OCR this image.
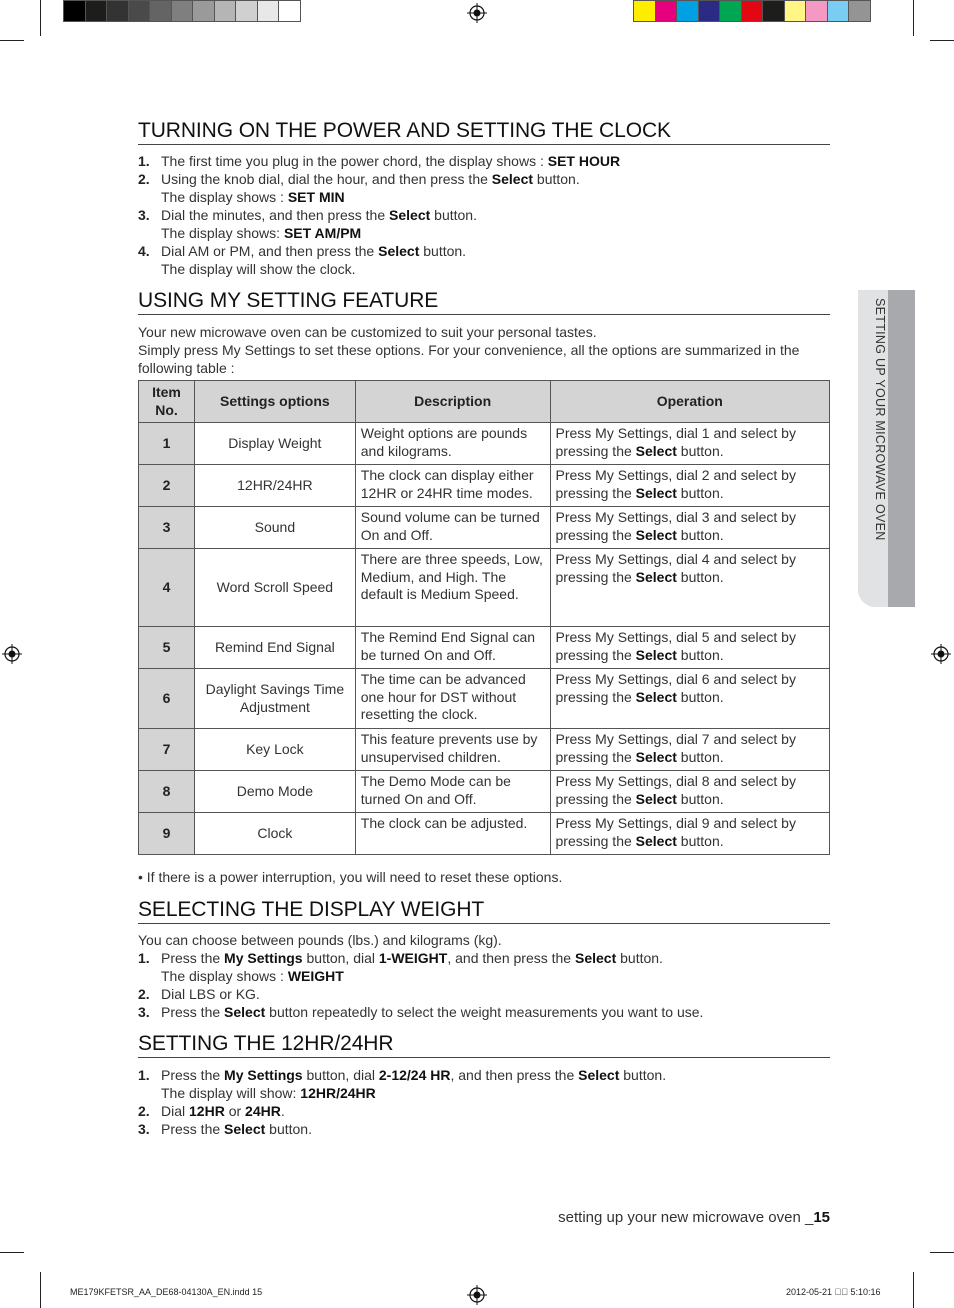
SETTING UP YOUR MICROWAVE OVEN
TURNING ON THE POWER AND SETTING THE CLOCK
1. The first time you plug in the power chord, the display shows : SET HOUR
2. Using the knob dial, dial the hour, and then press the Select button.
The display shows : SET MIN
3. Dial the minutes, and then press the Select button.
The display shows: SET AM/PM
4. Dial AM or PM, and then press the Select button.
The display will show the clock.
USING MY SETTING FEATURE
Your new microwave oven can be customized to suit your personal tastes.
Simply press My Settings to set these options. For your convenience, all the options are summarized in the
following table :
Item No.	Settings options	Description	Operation
1	Display Weight	Weight options are pounds and kilograms.	Press My Settings, dial 1 and select by pressing the Select button.
2	12HR/24HR	The clock can display either 12HR or 24HR time modes.	Press My Settings, dial 2 and select by pressing the Select button.
3	Sound	Sound volume can be turned On and Off.	Press My Settings, dial 3 and select by pressing the Select button.
4	Word Scroll Speed	There are three speeds, Low, Medium, and High. The default is Medium Speed.	Press My Settings, dial 4 and select by pressing the Select button.
5	Remind End Signal	The Remind End Signal can be turned On and Off.	Press My Settings, dial 5 and select by pressing the Select button.
6	Daylight Savings Time Adjustment	The time can be advanced one hour for DST without resetting the clock.	Press My Settings, dial 6 and select by pressing the Select button.
7	Key Lock	This feature prevents use by unsupervised children.	Press My Settings, dial 7 and select by pressing the Select button.
8	Demo Mode	The Demo Mode can be turned On and Off.	Press My Settings, dial 8 and select by pressing the Select button.
9	Clock	The clock can be adjusted.	Press My Settings, dial 9 and select by pressing the Select button.
• If there is a power interruption, you will need to reset these options.
SELECTING THE DISPLAY WEIGHT
You can choose between pounds (lbs.) and kilograms (kg).
1. Press the My Settings button, dial 1-WEIGHT, and then press the Select button.
The display shows : WEIGHT
2. Dial LBS or KG.
3. Press the Select button repeatedly to select the weight measurements you want to use.
SETTING THE 12HR/24HR
1. Press the My Settings button, dial 2-12/24 HR, and then press the Select button.
The display will show: 12HR/24HR
2. Dial 12HR or 24HR.
3. Press the Select button.
setting up your new microwave oven _15
ME179KFETSR_AA_DE68-04130A_EN.indd 15	2012-05-21 ￿￿ 5:10:16
